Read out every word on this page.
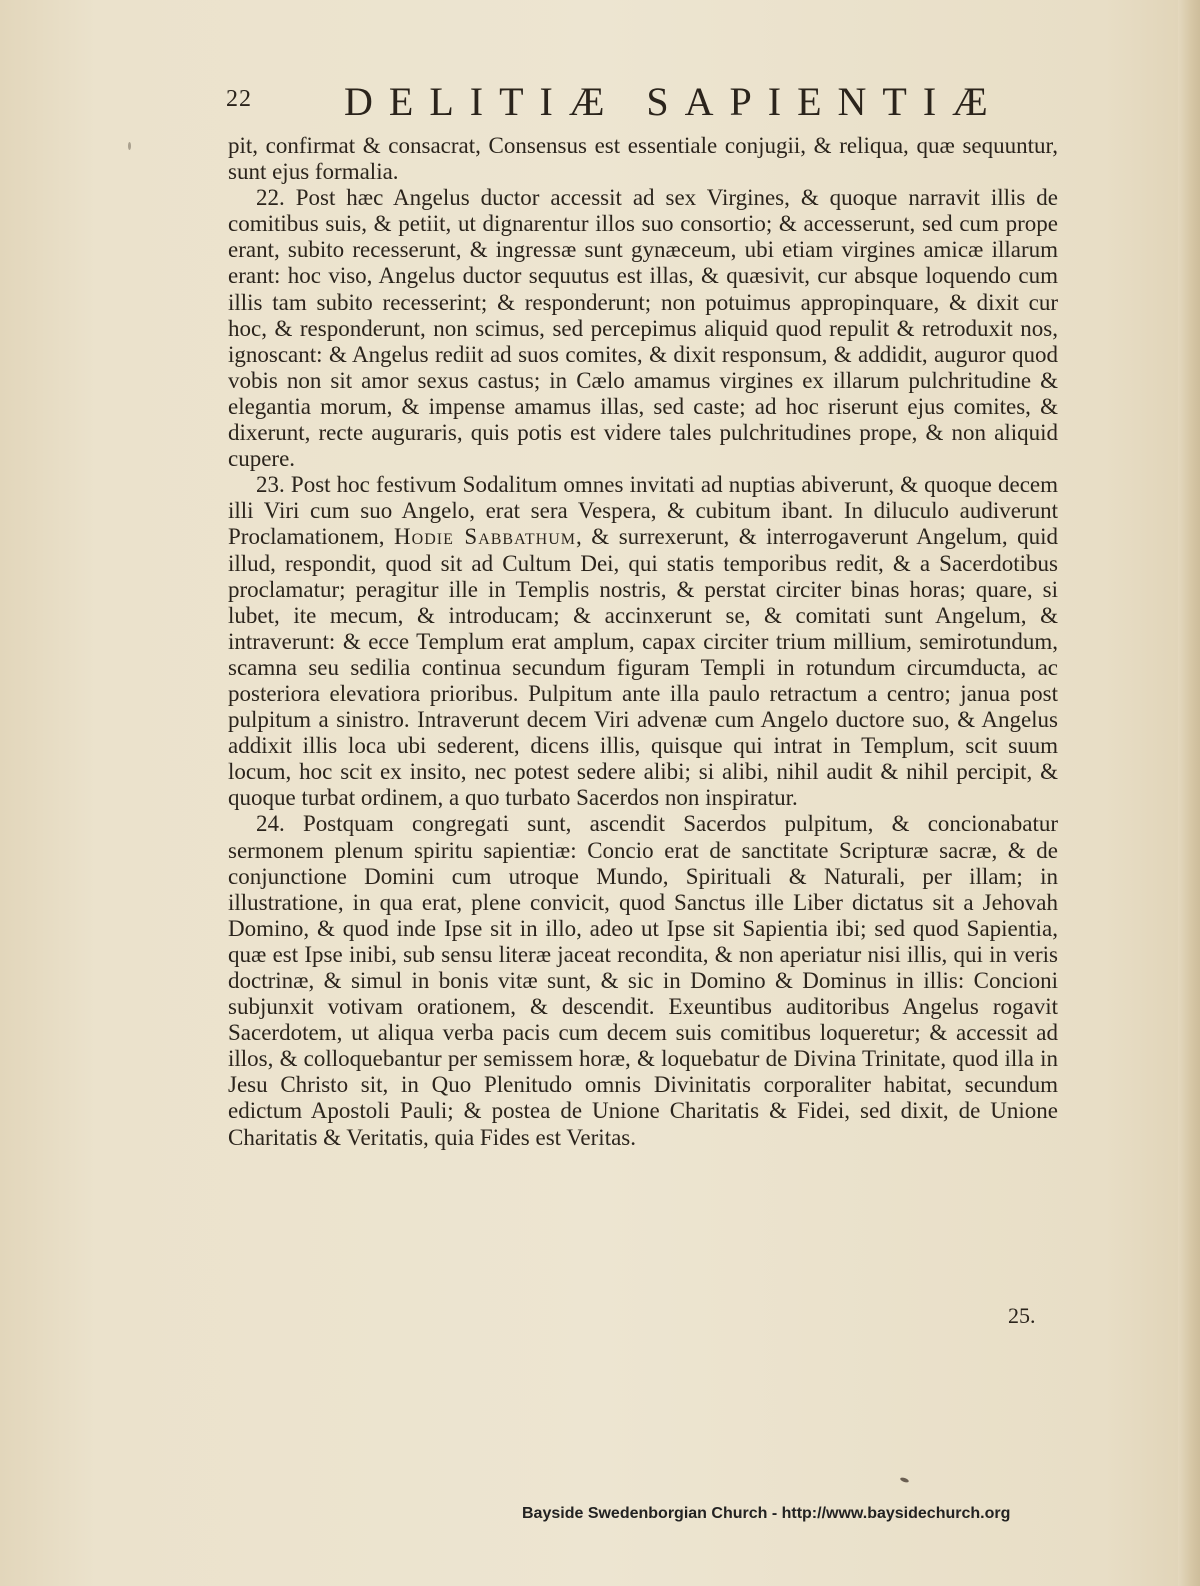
22 DELITIÆ SAPIENTIÆ

pit, confirmat & consacrat, Consensus est essentiale conjugii, & reliqua, quæ sequuntur, sunt ejus formalia.

22. Post hæc Angelus ductor accessit ad sex Virgines, & quoque narravit illis de comitibus suis, & petiit, ut dignarentur illos suo consortio; & accesserunt, sed cum prope erant, subito recesserunt, & ingressæ sunt gynæceum, ubi etiam virgines amicæ illarum erant: hoc viso, Angelus ductor sequutus est illas, & quæsivit, cur absque loquendo cum illis tam subito recesserint; & responderunt; non potuimus appropinquare, & dixit cur hoc, & responderunt, non scimus, sed percepimus aliquid quod repulit & retroduxit nos, ignoscant: & Angelus rediit ad suos comites, & dixit responsum, & addidit, auguror quod vobis non sit amor sexus castus; in Cælo amamus virgines ex illarum pulchritudine & elegantia morum, & impense amamus illas, sed caste; ad hoc riserunt ejus comites, & dixerunt, recte auguraris, quis potis est videre tales pulchritudines prope, & non aliquid cupere.

23. Post hoc festivum Sodalitum omnes invitati ad nuptias abiverunt, & quoque decem illi Viri cum suo Angelo, erat sera Vespera, & cubitum ibant. In diluculo audiverunt Proclamationem, Hodie Sabbathum, & surrexerunt, & interrogaverunt Angelum, quid illud, respondit, quod sit ad Cultum Dei, qui statis temporibus redit, & a Sacerdotibus proclamatur; peragitur ille in Templis nostris, & perstat circiter binas horas; quare, si lubet, ite mecum, & introducam; & accinxerunt se, & comitati sunt Angelum, & intraverunt: & ecce Templum erat amplum, capax circiter trium millium, semirotundum, scamna seu sedilia continua secundum figuram Templi in rotundum circumducta, ac posteriora elevatiora prioribus. Pulpitum ante illa paulo retractum a centro; janua post pulpitum a sinistro. Intraverunt decem Viri advenæ cum Angelo ductore suo, & Angelus addixit illis loca ubi sederent, dicens illis, quisque qui intrat in Templum, scit suum locum, hoc scit ex insito, nec potest sedere alibi; si alibi, nihil audit & nihil percipit, & quoque turbat ordinem, a quo turbato Sacerdos non inspiratur.

24. Postquam congregati sunt, ascendit Sacerdos pulpitum, & concionabatur sermonem plenum spiritu sapientiæ: Concio erat de sanctitate Scripturæ sacræ, & de conjunctione Domini cum utroque Mundo, Spirituali & Naturali, per illam; in illustratione, in qua erat, plene convicit, quod Sanctus ille Liber dictatus sit a Jehovah Domino, & quod inde Ipse sit in illo, adeo ut Ipse sit Sapientia ibi; sed quod Sapientia, quæ est Ipse inibi, sub sensu literæ jaceat recondita, & non aperiatur nisi illis, qui in veris doctrinæ, & simul in bonis vitæ sunt, & sic in Domino & Dominus in illis: Concioni subjunxit votivam orationem, & descendit. Exeuntibus auditoribus Angelus rogavit Sacerdotem, ut aliqua verba pacis cum decem suis comitibus loqueretur; & accessit ad illos, & colloquebantur per semissem horæ, & loquebatur de Divina Trinitate, quod illa in Jesu Christo sit, in Quo Plenitudo omnis Divinitatis corporaliter habitat, secundum edictum Apostoli Pauli; & postea de Unione Charitatis & Fidei, sed dixit, de Unione Charitatis & Veritatis, quia Fides est Veritas.

25.
Bayside Swedenborgian Church - http://www.baysidechurch.org
